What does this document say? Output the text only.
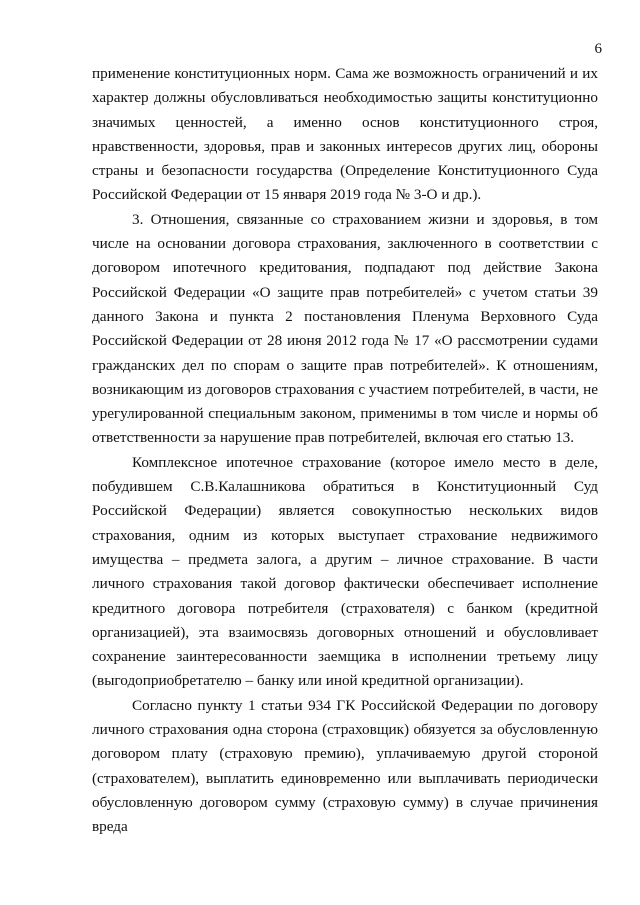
6

применение конституционных норм. Сама же возможность ограничений и их характер должны обусловливаться необходимостью защиты конституционно значимых ценностей, а именно основ конституционного строя, нравственности, здоровья, прав и законных интересов других лиц, обороны страны и безопасности государства (Определение Конституционного Суда Российской Федерации от 15 января 2019 года № 3-О и др.).

3. Отношения, связанные со страхованием жизни и здоровья, в том числе на основании договора страхования, заключенного в соответствии с договором ипотечного кредитования, подпадают под действие Закона Российской Федерации «О защите прав потребителей» с учетом статьи 39 данного Закона и пункта 2 постановления Пленума Верховного Суда Российской Федерации от 28 июня 2012 года № 17 «О рассмотрении судами гражданских дел по спорам о защите прав потребителей». К отношениям, возникающим из договоров страхования с участием потребителей, в части, не урегулированной специальным законом, применимы в том числе и нормы об ответственности за нарушение прав потребителей, включая его статью 13.

Комплексное ипотечное страхование (которое имело место в деле, побудившем С.В.Калашникова обратиться в Конституционный Суд Российской Федерации) является совокупностью нескольких видов страхования, одним из которых выступает страхование недвижимого имущества – предмета залога, а другим – личное страхование. В части личного страхования такой договор фактически обеспечивает исполнение кредитного договора потребителя (страхователя) с банком (кредитной организацией), эта взаимосвязь договорных отношений и обусловливает сохранение заинтересованности заемщика в исполнении третьему лицу (выгодоприобретателю – банку или иной кредитной организации).

Согласно пункту 1 статьи 934 ГК Российской Федерации по договору личного страхования одна сторона (страховщик) обязуется за обусловленную договором плату (страховую премию), уплачиваемую другой стороной (страхователем), выплатить единовременно или выплачивать периодически обусловленную договором сумму (страховую сумму) в случае причинения вреда
